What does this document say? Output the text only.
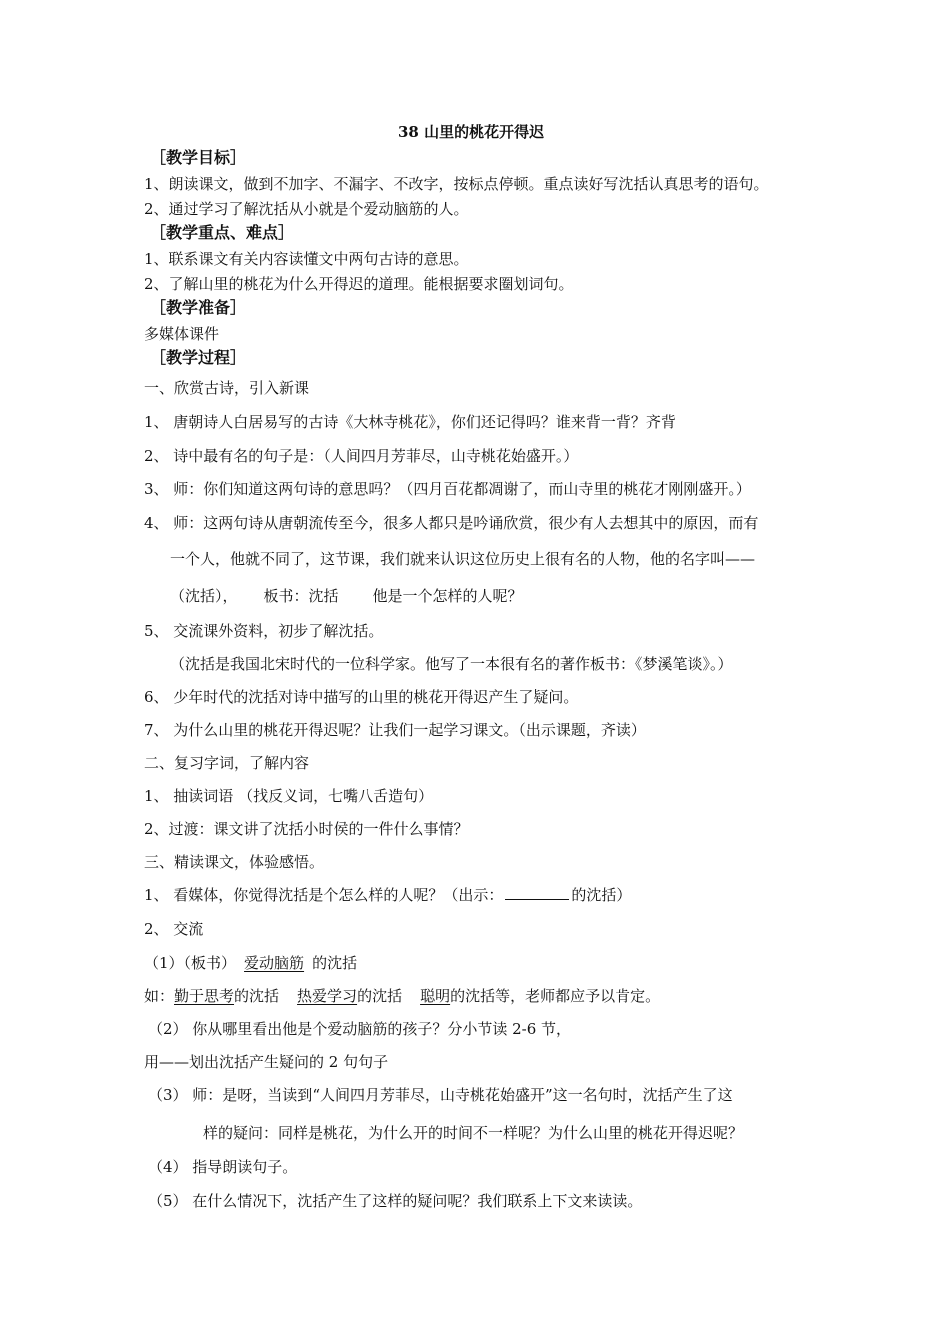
38 山里的桃花开得迟
［教学目标］
1、朗读课文，做到不加字、不漏字、不改字，按标点停顿。重点读好写沈括认真思考的语句。
2、通过学习了解沈括从小就是个爱动脑筋的人。
［教学重点、难点］
1、联系课文有关内容读懂文中两句古诗的意思。
2、了解山里的桃花为什么开得迟的道理。能根据要求圈划词句。
［教学准备］
多媒体课件
［教学过程］
一、欣赏古诗，引入新课
1、 唐朝诗人白居易写的古诗《大林寺桃花》，你们还记得吗？谁来背一背？齐背
2、 诗中最有名的句子是：（人间四月芳菲尽，山寺桃花始盛开。）
3、 师：你们知道这两句诗的意思吗？（四月百花都凋谢了，而山寺里的桃花才刚刚盛开。）
4、 师：这两句诗从唐朝流传至今，很多人都只是吟诵欣赏，很少有人去想其中的原因，而有
一个人，他就不同了，这节课，我们就来认识这位历史上很有名的人物，他的名字叫——
（沈括）， 板书：沈括 他是一个怎样的人呢？
5、 交流课外资料，初步了解沈括。
（沈括是我国北宋时代的一位科学家。他写了一本很有名的著作板书：《梦溪笔谈》。）
6、 少年时代的沈括对诗中描写的山里的桃花开得迟产生了疑问。
7、 为什么山里的桃花开得迟呢？让我们一起学习课文。（出示课题，齐读）
二、复习字词，了解内容
1、 抽读词语 （找反义词，七嘴八舌造句）
2、过渡：课文讲了沈括小时侯的一件什么事情？
三、精读课文，体验感悟。
1、 看媒体，你觉得沈括是个怎么样的人呢？（出示：	的沈括）
2、 交流
（1）（板书） 爱动脑筋 的沈括
如：勤于思考的沈括 热爱学习的沈括 聪明的沈括等，老师都应予以肯定。
（2） 你从哪里看出他是个爱动脑筋的孩子？分小节读 2-6 节，
用——划出沈括产生疑问的 2 句句子
（3） 师：是呀，当读到“人间四月芳菲尽，山寺桃花始盛开”这一名句时，沈括产生了这
样的疑问：同样是桃花，为什么开的时间不一样呢？为什么山里的桃花开得迟呢？
（4） 指导朗读句子。
（5） 在什么情况下，沈括产生了这样的疑问呢？我们联系上下文来读读。
